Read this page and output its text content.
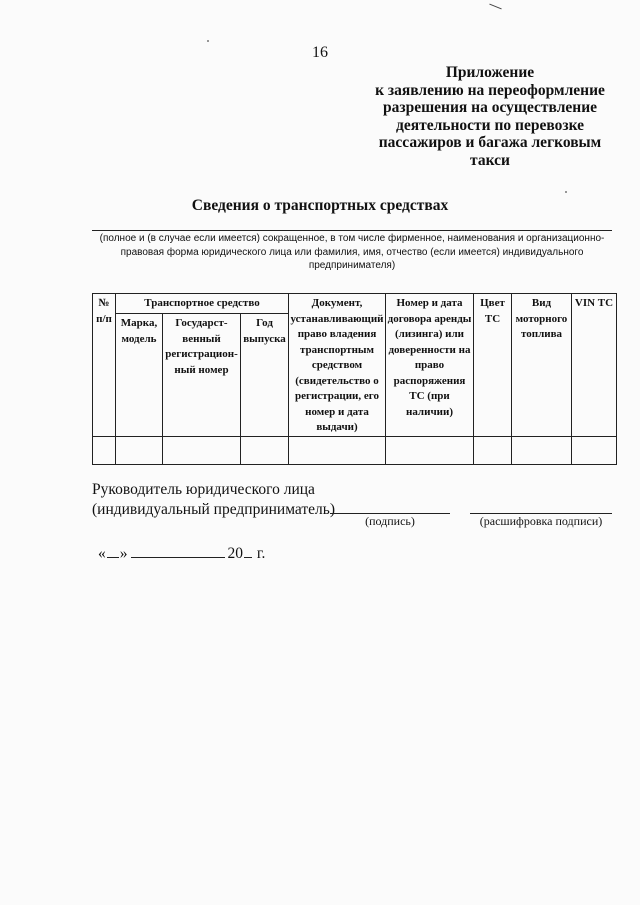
16
Приложение
к заявлению на переоформление
разрешения на осуществление
деятельности по перевозке
пассажиров и багажа легковым
такси
Сведения о транспортных средствах
(полное и (в случае если имеется) сокращенное, в том числе фирменное, наименования и организационно-правовая форма юридического лица или фамилия, имя, отчество (если имеется) индивидуального предпринимателя)
№ п/п	Транспортное средство			Документ, устанавливающий право владения транспортным средством (свидетельство о регистрации, его номер и дата выдачи)	Номер и дата договора аренды (лизинга) или доверенности на право распоряжения ТС (при наличии)	Цвет ТС	Вид моторного топлива	VIN ТС
	Марка, модель	Государст-венный регистрацион-ный номер	Год выпуска					

Руководитель юридического лица
(индивидуальный предприниматель)
(подпись)	(расшифровка подписи)
« »	20 г.
